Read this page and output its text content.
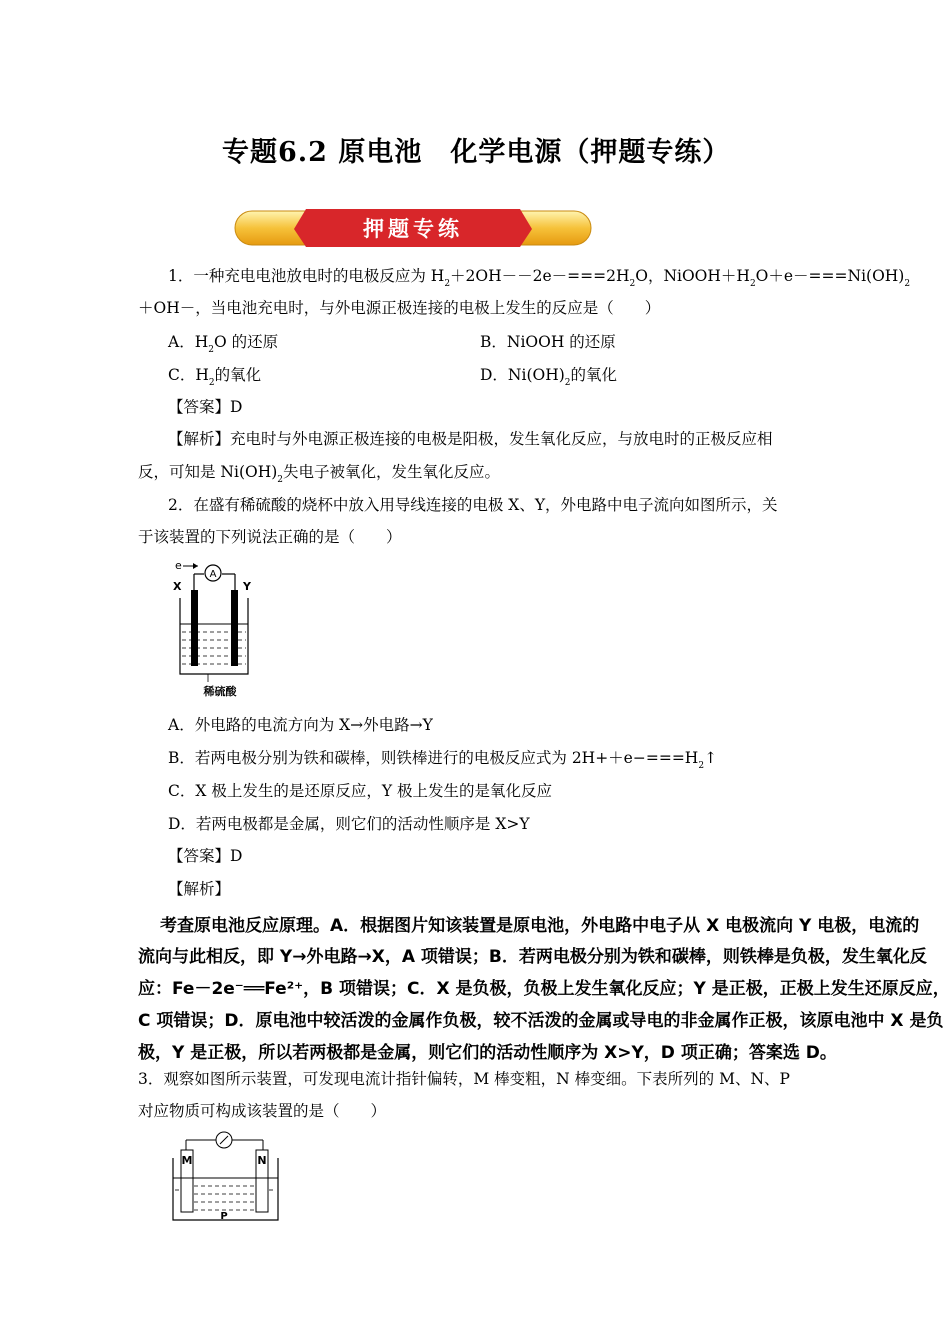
专题6.2 原电池　化学电源（押题专练）
押题专练
1．一种充电电池放电时的电极反应为 $H_2+2OH--2e-===2H_2O$，$NiOOH+H_2O+e-===Ni(OH)_2$
＋OH－，当电池充电时，与外电源正极连接的电极上发生的反应是（　　）
A．$H_2O$ 的还原	B．NiOOH 的还原
C．$H_2$的氧化	D．$Ni(OH)_2$的氧化
【答案】D
【解析】充电时与外电源正极连接的电极是阳极，发生氧化反应，与放电时的正极反应相
反，可知是 $Ni(OH)_2$失电子被氧化，发生氧化反应。
2．在盛有稀硫酸的烧杯中放入用导线连接的电极 X、Y，外电路中电子流向如图所示，关
于该装置的下列说法正确的是（　　）
e
A
X	Y
稀硫酸
A．外电路的电流方向为 X→外电路→Y
B．若两电极分别为铁和碳棒，则铁棒进行的电极反应式为 $2H++e-===H_2↑$
C．X 极上发生的是还原反应，Y 极上发生的是氧化反应
D．若两电极都是金属，则它们的活动性顺序是 X>Y
【答案】D
【解析】
考查原电池反应原理。A．根据图片知该装置是原电池，外电路中电子从 X 电极流向 Y 电极，电流的
流向与此相反，即 Y→外电路→X，A 项错误；B．若两电极分别为铁和碳棒，则铁棒是负极，发生氧化反
应：Fe－2e⁻══Fe²⁺，B 项错误；C．X 是负极，负极上发生氧化反应；Y 是正极，正极上发生还原反应，
C 项错误；D．原电池中较活泼的金属作负极，较不活泼的金属或导电的非金属作正极，该原电池中 X 是负
极，Y 是正极，所以若两极都是金属，则它们的活动性顺序为 X>Y，D 项正确；答案选 D。
3．观察如图所示装置，可发现电流计指针偏转，M 棒变粗，N 棒变细。下表所列的 M、N、P
对应物质可构成该装置的是（　　）
M	N
P
